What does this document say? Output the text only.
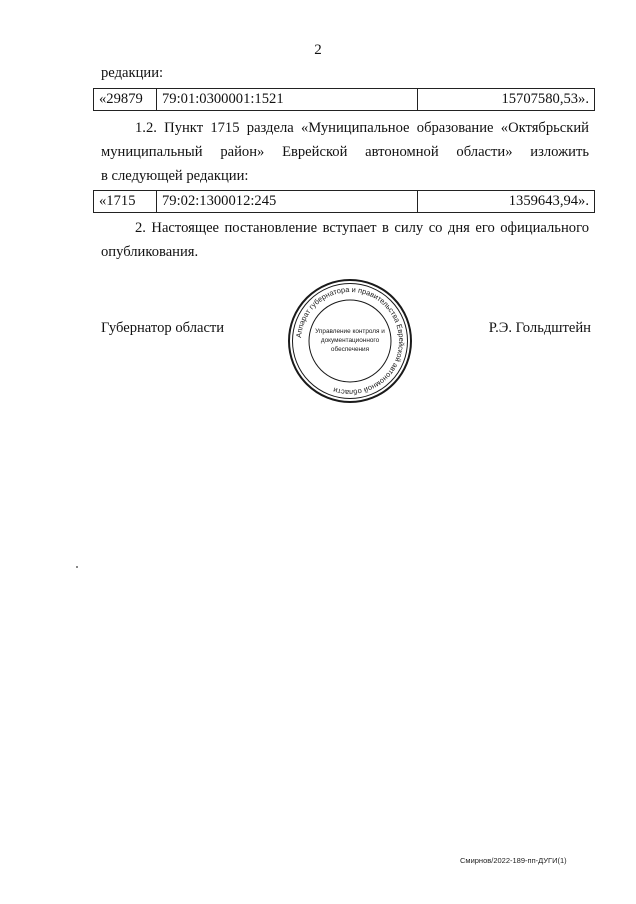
2
редакции:
«29879	79:01:0300001:1521	15707580,53».
1.2. Пункт 1715 раздела «Муниципальное образование «Октябрьский
муниципальный район» Еврейской автономной области» изложить
в следующей редакции:
«1715	79:02:1300012:245	1359643,94».
2. Настоящее постановление вступает в силу со дня его официального
опубликования.
Губернатор области	Р.Э. Гольдштейн
Аппарат губернатора и правительства Еврейской автономной области
Управление контроля и
документационного
обеспечения
Смирнов/2022-189-пп-ДУГИ(1)
